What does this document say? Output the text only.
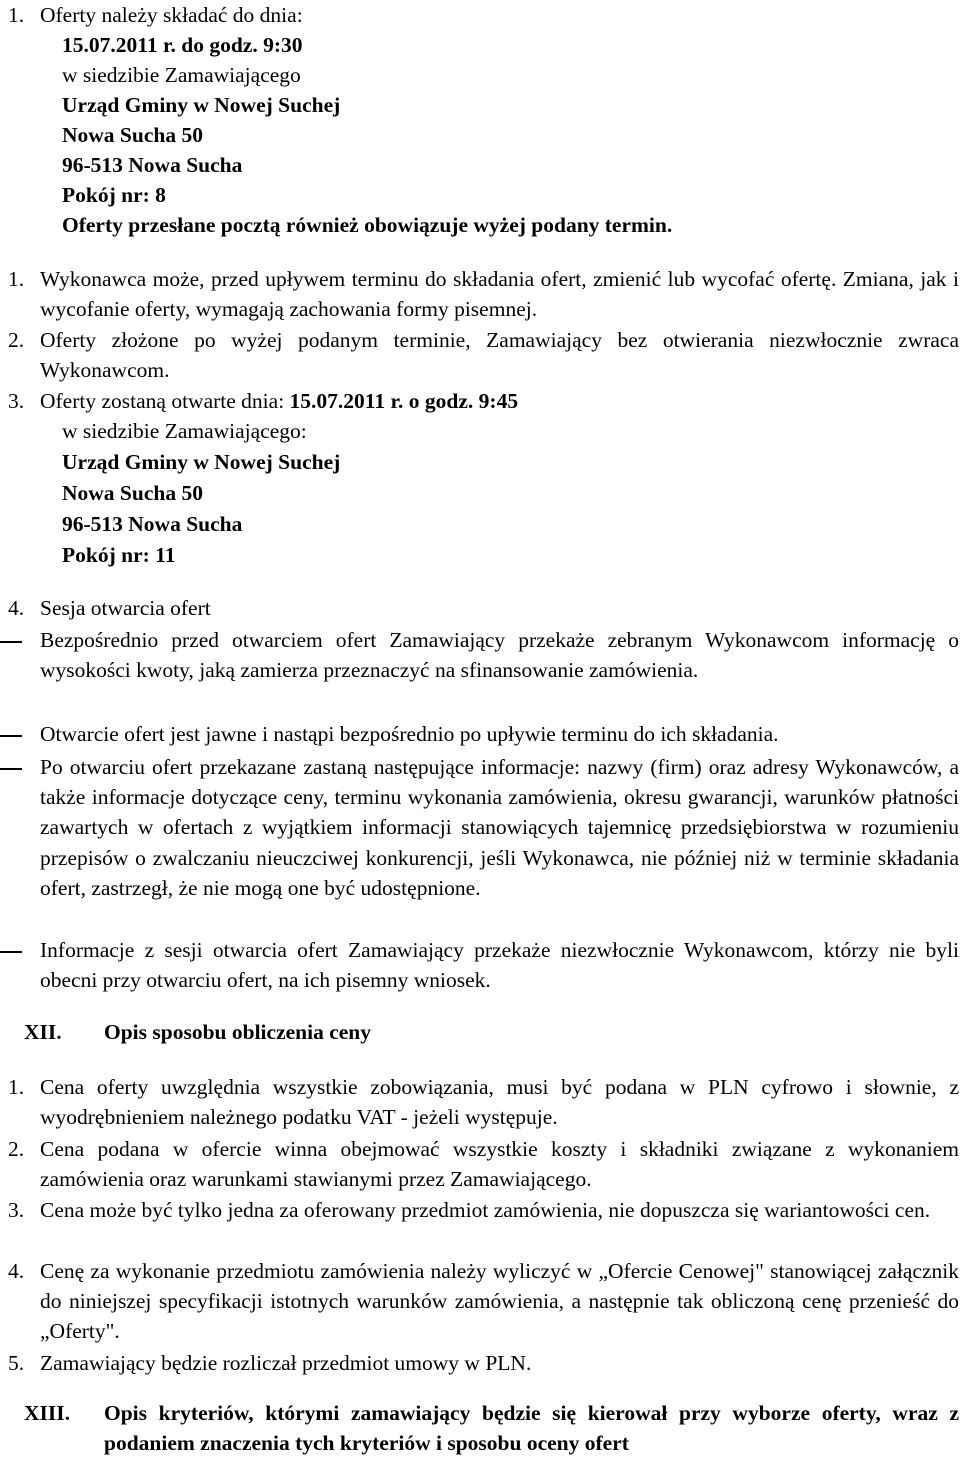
1. Oferty należy składać do dnia:

15.07.2011 r. do godz. 9:30

w siedzibie Zamawiającego

Urząd Gminy w Nowej Suchej

Nowa Sucha 50

96-513 Nowa Sucha

Pokój nr: 8

Oferty przesłane pocztą również obowiązuje wyżej podany termin.

1. Wykonawca może, przed upływem terminu do składania ofert, zmienić lub wycofać ofertę. Zmiana, jak i wycofanie oferty, wymagają zachowania formy pisemnej.

2. Oferty złożone po wyżej podanym terminie, Zamawiający bez otwierania niezwłocznie zwraca Wykonawcom.

3. Oferty zostaną otwarte dnia: 15.07.2011 r. o godz. 9:45

w siedzibie Zamawiającego:

Urząd Gminy w Nowej Suchej

Nowa Sucha 50

96-513 Nowa Sucha

Pokój nr: 11

4. Sesja otwarcia ofert

Bezpośrednio przed otwarciem ofert Zamawiający przekaże zebranym Wykonawcom informację o wysokości kwoty, jaką zamierza przeznaczyć na sfinansowanie zamówienia.

Otwarcie ofert jest jawne i nastąpi bezpośrednio po upływie terminu do ich składania.

Po otwarciu ofert przekazane zastaną następujące informacje: nazwy (firm) oraz adresy Wykonawców, a także informacje dotyczące ceny, terminu wykonania zamówienia, okresu gwarancji, warunków płatności zawartych w ofertach z wyjątkiem informacji stanowiących tajemnicę przedsiębiorstwa w rozumieniu przepisów o zwalczaniu nieuczciwej konkurencji, jeśli Wykonawca, nie później niż w terminie składania ofert, zastrzegł, że nie mogą one być udostępnione.

Informacje z sesji otwarcia ofert Zamawiający przekaże niezwłocznie Wykonawcom, którzy nie byli obecni przy otwarciu ofert, na ich pisemny wniosek.

XII. Opis sposobu obliczenia ceny
1. Cena oferty uwzględnia wszystkie zobowiązania, musi być podana w PLN cyfrowo i słownie, z wyodrębnieniem należnego podatku VAT - jeżeli występuje.

2. Cena podana w ofercie winna obejmować wszystkie koszty i składniki związane z wykonaniem zamówienia oraz warunkami stawianymi przez Zamawiającego.

3. Cena może być tylko jedna za oferowany przedmiot zamówienia, nie dopuszcza się wariantowości cen.

4. Cenę za wykonanie przedmiotu zamówienia należy wyliczyć w „Ofercie Cenowej" stanowiącej załącznik do niniejszej specyfikacji istotnych warunków zamówienia, a następnie tak obliczoną cenę przenieść do „Oferty".

5. Zamawiający będzie rozliczał przedmiot umowy w PLN.

XIII. Opis kryteriów, którymi zamawiający będzie się kierował przy wyborze oferty, wraz z podaniem znaczenia tych kryteriów i sposobu oceny ofert
